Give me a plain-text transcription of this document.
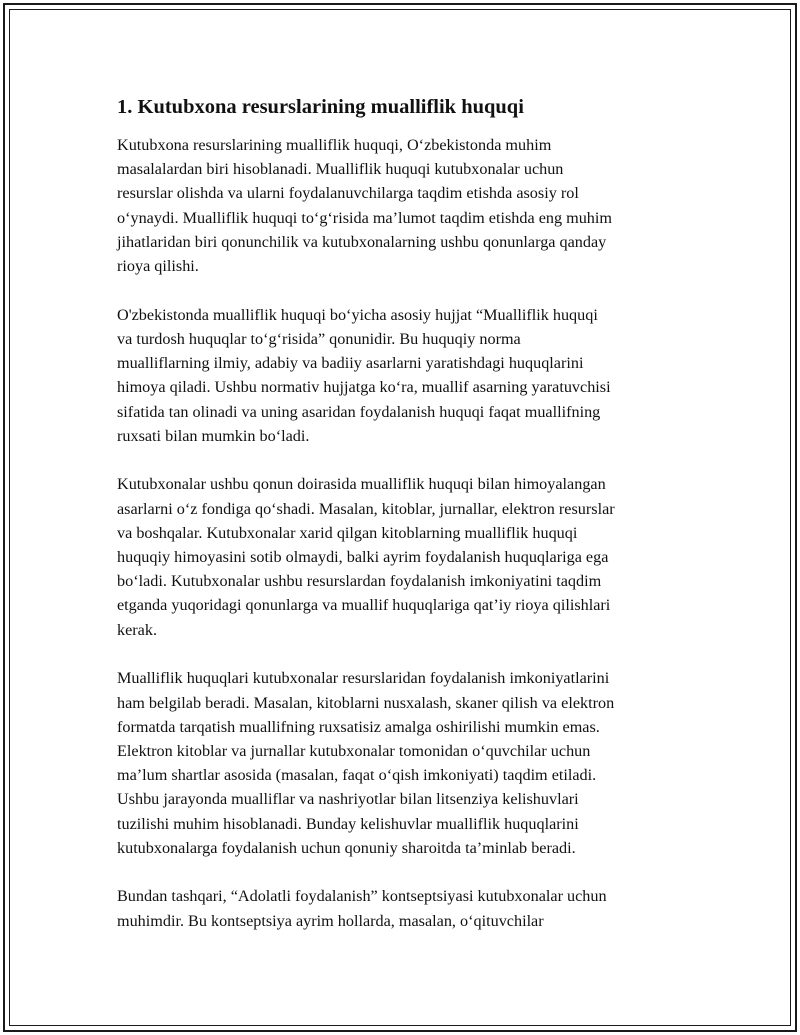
1. Kutubxona resurslarining mualliflik huquqi
Kutubxona resurslarining mualliflik huquqi, O‘zbekistonda muhim
masalalardan biri hisoblanadi. Mualliflik huquqi kutubxonalar uchun
resurslar olishda va ularni foydalanuvchilarga taqdim etishda asosiy rol
o‘ynaydi. Mualliflik huquqi to‘g‘risida ma’lumot taqdim etishda eng muhim
jihatlaridan biri qonunchilik va kutubxonalarning ushbu qonunlarga qanday
rioya qilishi.
O'zbekistonda mualliflik huquqi bo‘yicha asosiy hujjat “Mualliflik huquqi
va turdosh huquqlar to‘g‘risida” qonunidir. Bu huquqiy norma
mualliflarning ilmiy, adabiy va badiiy asarlarni yaratishdagi huquqlarini
himoya qiladi. Ushbu normativ hujjatga ko‘ra, muallif asarning yaratuvchisi
sifatida tan olinadi va uning asaridan foydalanish huquqi faqat muallifning
ruxsati bilan mumkin bo‘ladi.
Kutubxonalar ushbu qonun doirasida mualliflik huquqi bilan himoyalangan
asarlarni o‘z fondiga qo‘shadi. Masalan, kitoblar, jurnallar, elektron resurslar
va boshqalar. Kutubxonalar xarid qilgan kitoblarning mualliflik huquqi
huquqiy himoyasini sotib olmaydi, balki ayrim foydalanish huquqlariga ega
bo‘ladi. Kutubxonalar ushbu resurslardan foydalanish imkoniyatini taqdim
etganda yuqoridagi qonunlarga va muallif huquqlariga qat’iy rioya qilishlari
kerak.
Mualliflik huquqlari kutubxonalar resurslaridan foydalanish imkoniyatlarini
ham belgilab beradi. Masalan, kitoblarni nusxalash, skaner qilish va elektron
formatda tarqatish muallifning ruxsatisiz amalga oshirilishi mumkin emas.
Elektron kitoblar va jurnallar kutubxonalar tomonidan o‘quvchilar uchun
ma’lum shartlar asosida (masalan, faqat o‘qish imkoniyati) taqdim etiladi.
Ushbu jarayonda mualliflar va nashriyotlar bilan litsenziya kelishuvlari
tuzilishi muhim hisoblanadi. Bunday kelishuvlar mualliflik huquqlarini
kutubxonalarga foydalanish uchun qonuniy sharoitda ta’minlab beradi.
Bundan tashqari, “Adolatli foydalanish” kontseptsiyasi kutubxonalar uchun
muhimdir. Bu kontseptsiya ayrim hollarda, masalan, o‘qituvchilar
